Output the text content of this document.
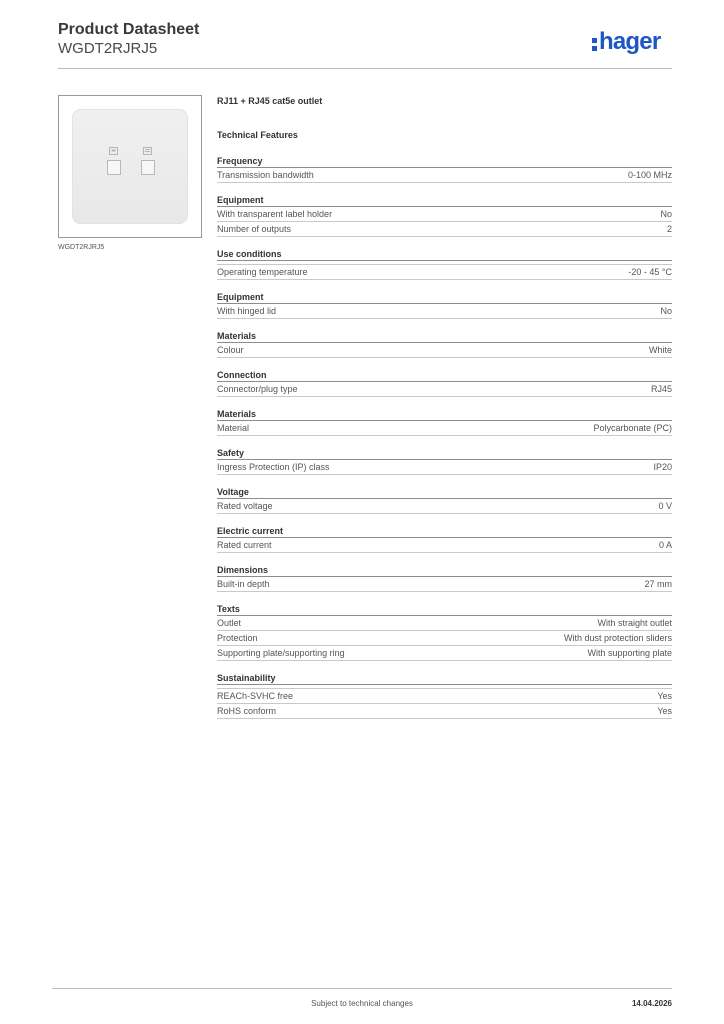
Product Datasheet
WGDT2RJRJ5	hager
WGDT2RJRJ5
RJ11 + RJ45 cat5e outlet
Technical Features
Frequency
Transmission bandwidth	0-100 MHz
Equipment
With transparent label holder	No
Number of outputs	2
Use conditions
Operating temperature	-20 - 45 °C
Equipment
With hinged lid	No
Materials
Colour	White
Connection
Connector/plug type	RJ45
Materials
Material	Polycarbonate (PC)
Safety
Ingress Protection (IP) class	IP20
Voltage
Rated voltage	0 V
Electric current
Rated current	0 A
Dimensions
Built-in depth	27 mm
Texts
Outlet	With straight outlet
Protection	With dust protection sliders
Supporting plate/supporting ring	With supporting plate
Sustainability
REACh-SVHC free	Yes
RoHS conform	Yes
Subject to technical changes	14.04.2026
